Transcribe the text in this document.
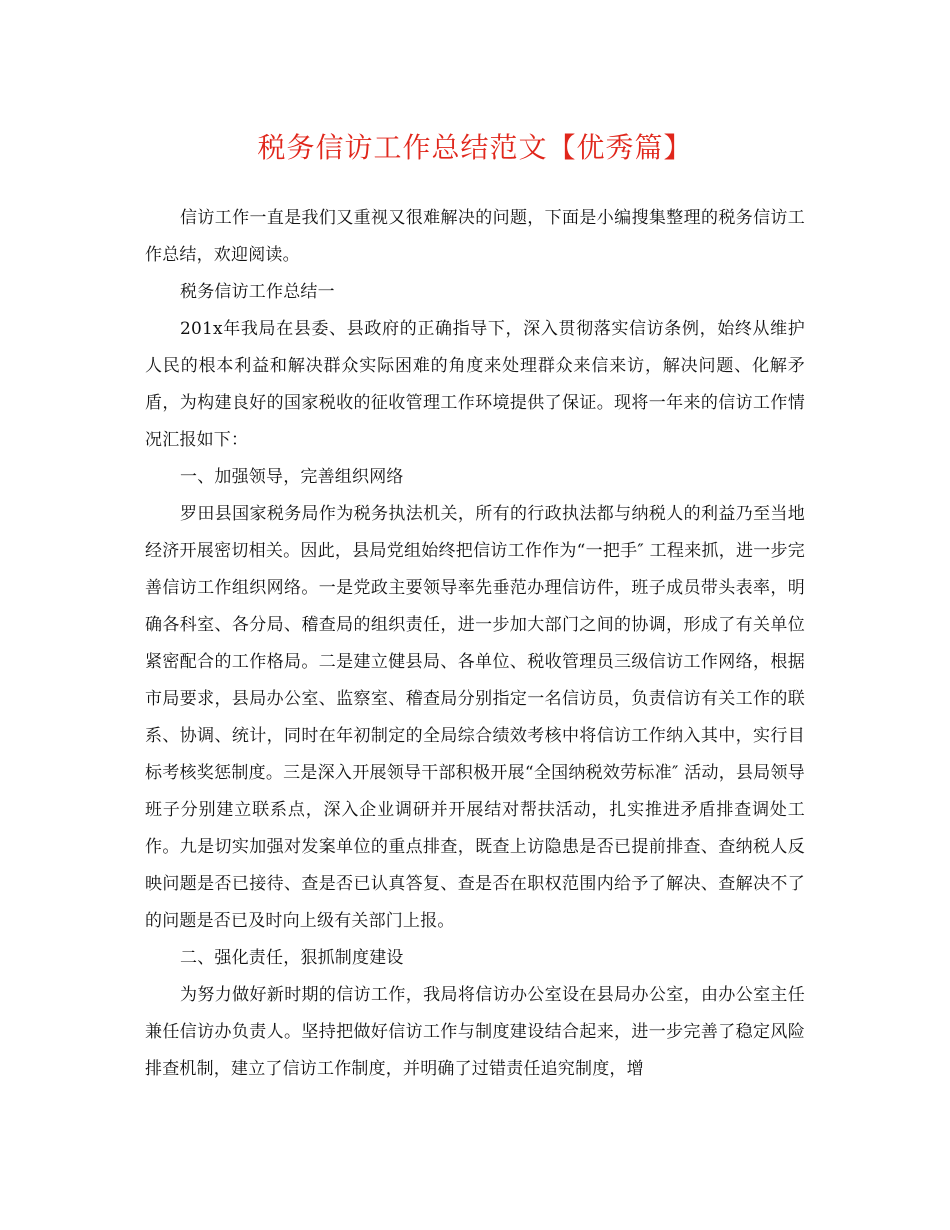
税务信访工作总结范文【优秀篇】

信访工作一直是我们又重视又很难解决的问题，下面是小编搜集整理的税务信访工作总结，欢迎阅读。

税务信访工作总结一

201x年我局在县委、县政府的正确指导下，深入贯彻落实信访条例，始终从维护人民的根本利益和解决群众实际困难的角度来处理群众来信来访，解决问题、化解矛盾，为构建良好的国家税收的征收管理工作环境提供了保证。现将一年来的信访工作情况汇报如下：

一、加强领导，完善组织网络

罗田县国家税务局作为税务执法机关，所有的行政执法都与纳税人的利益乃至当地经济开展密切相关。因此，县局党组始终把信访工作作为“一把手″ 工程来抓，进一步完善信访工作组织网络。一是党政主要领导率先垂范办理信访件，班子成员带头表率，明确各科室、各分局、稽查局的组织责任，进一步加大部门之间的协调，形成了有关单位紧密配合的工作格局。二是建立健县局、各单位、税收管理员三级信访工作网络，根据市局要求，县局办公室、监察室、稽查局分别指定一名信访员，负责信访有关工作的联系、协调、统计，同时在年初制定的全局综合绩效考核中将信访工作纳入其中，实行目标考核奖惩制度。三是深入开展领导干部积极开展“全国纳税效劳标准″ 活动，县局领导班子分别建立联系点，深入企业调研并开展结对帮扶活动，扎实推进矛盾排查调处工作。九是切实加强对发案单位的重点排查，既查上访隐患是否已提前排查、查纳税人反映问题是否已接待、查是否已认真答复、查是否在职权范围内给予了解决、查解决不了的问题是否已及时向上级有关部门上报。

二、强化责任，狠抓制度建设

为努力做好新时期的信访工作，我局将信访办公室设在县局办公室，由办公室主任兼任信访办负责人。坚持把做好信访工作与制度建设结合起来，进一步完善了稳定风险排查机制，建立了信访工作制度，并明确了过错责任追究制度，增
